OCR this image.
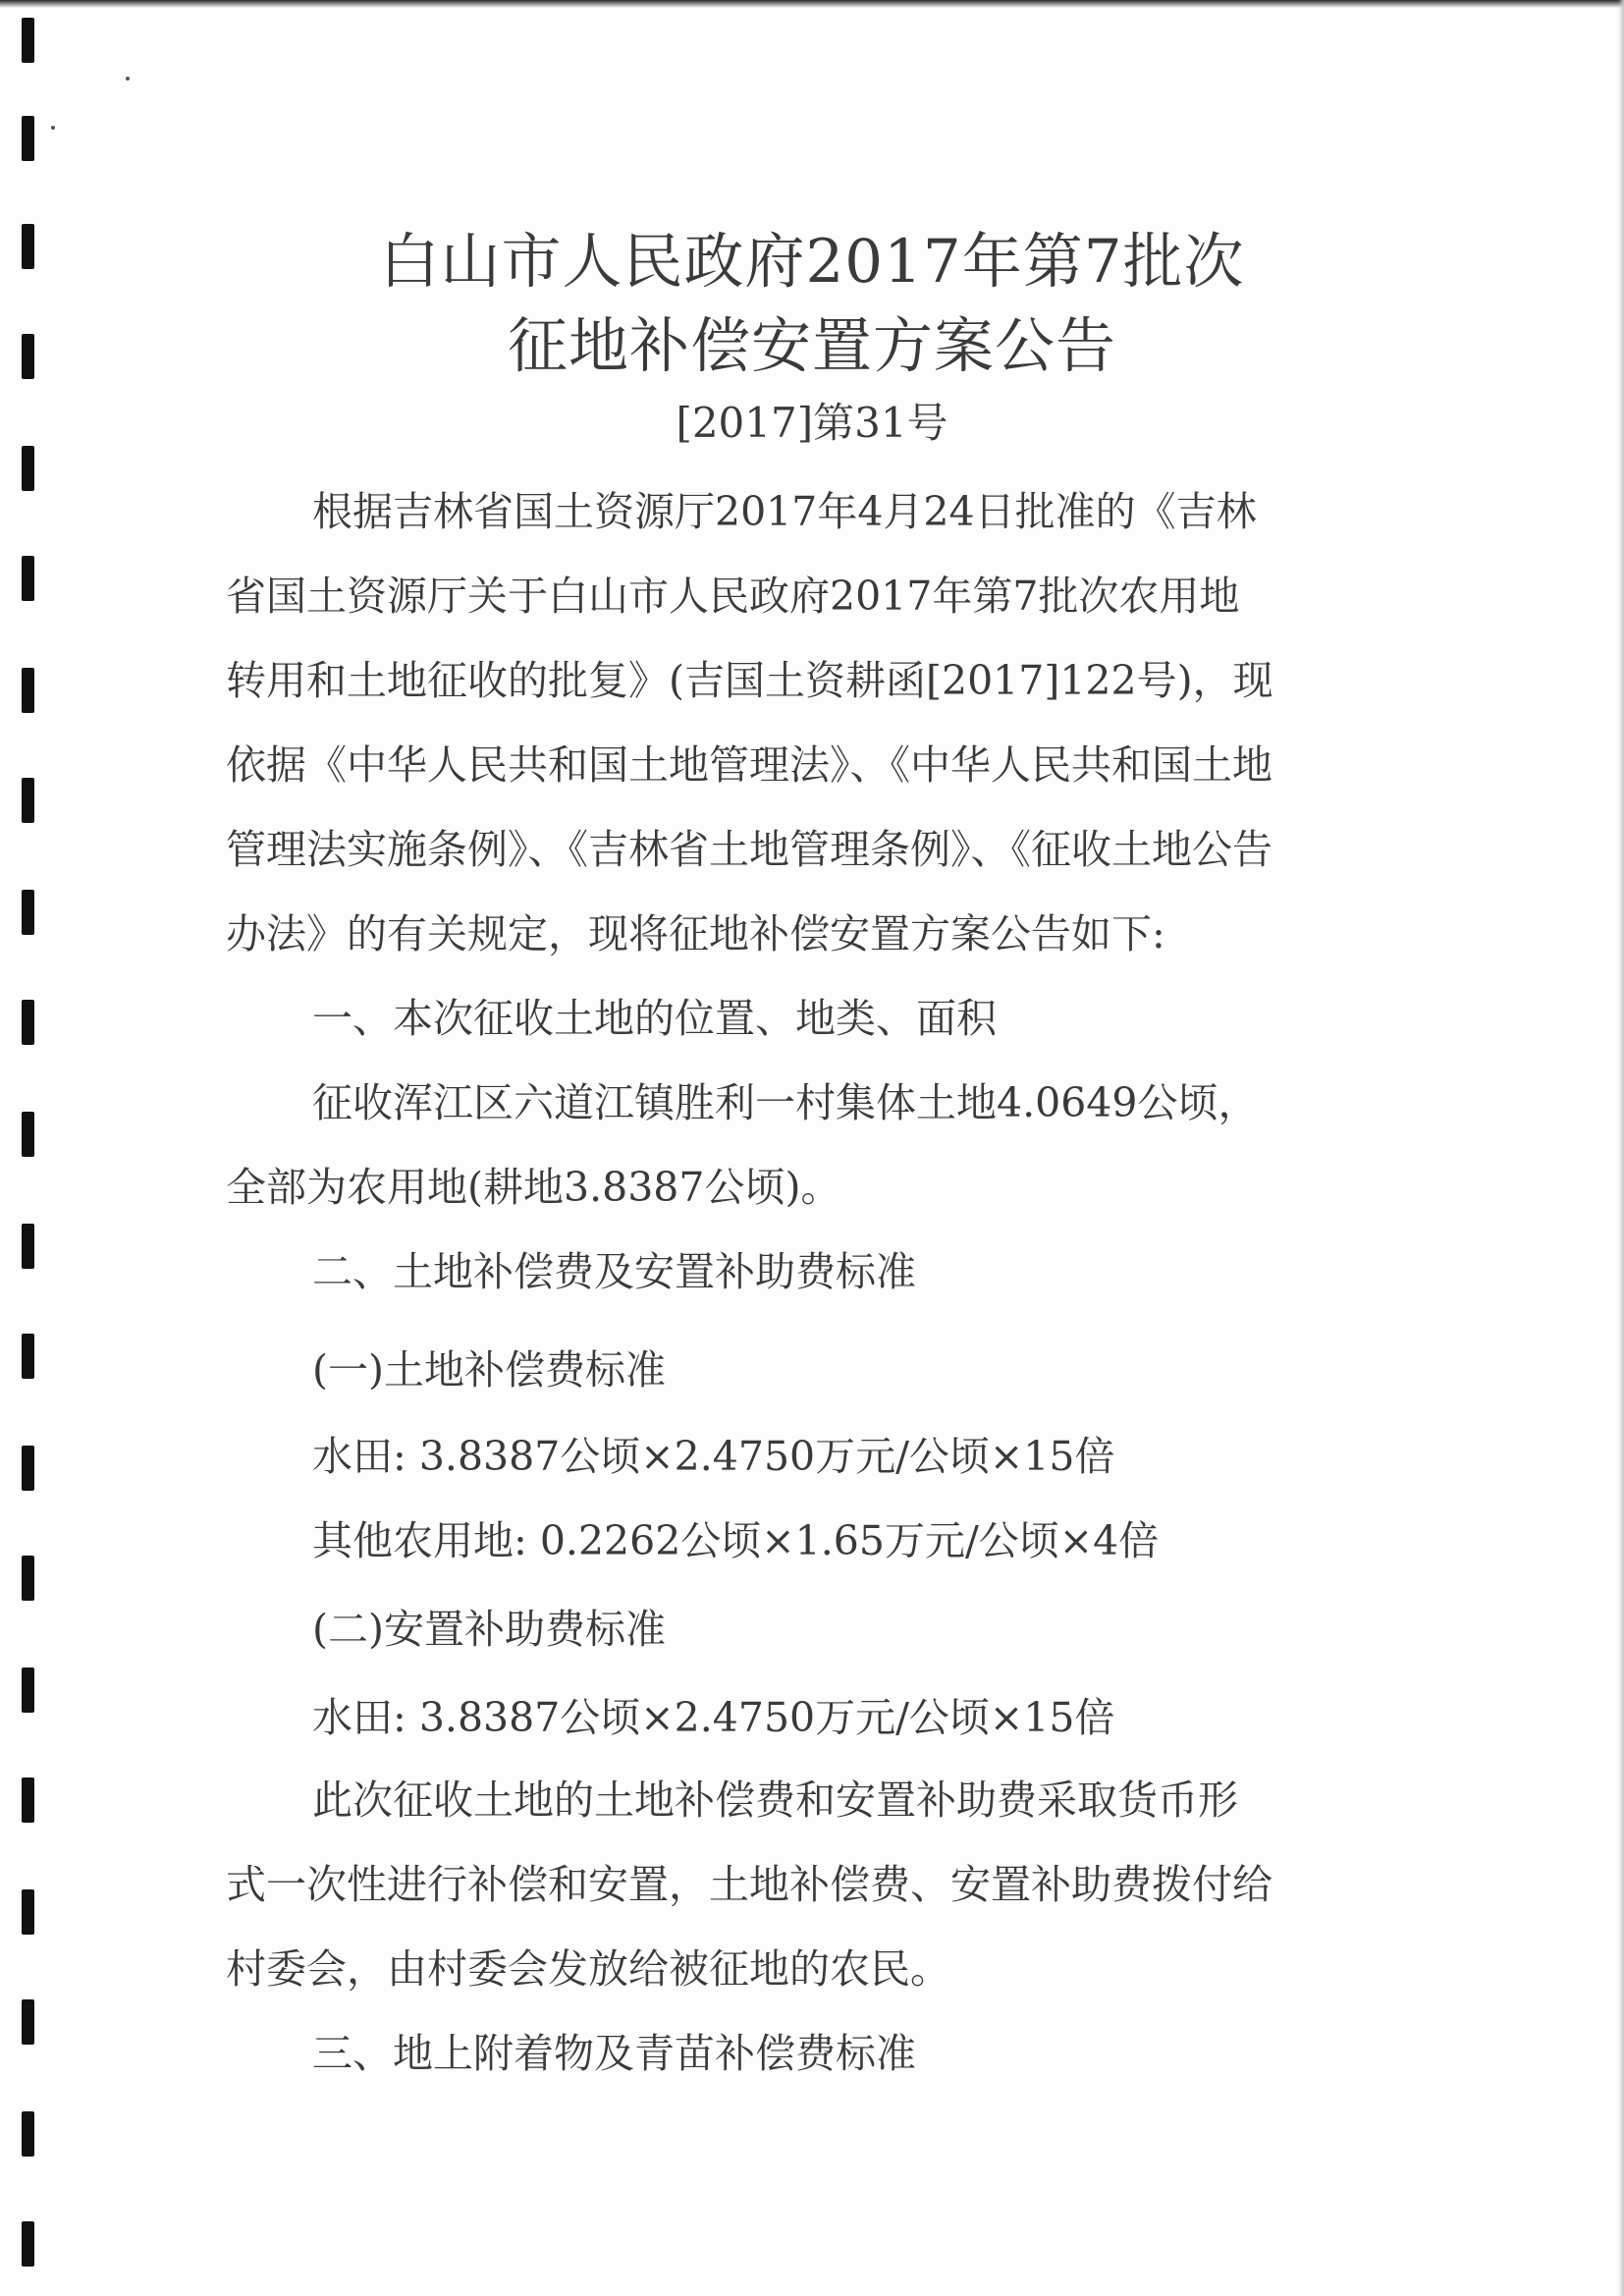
白山市人民政府2017年第7批次
征地补偿安置方案公告
[2017]第31号
根据吉林省国土资源厅2017年4月24日批准的《吉林
省国土资源厅关于白山市人民政府2017年第7批次农用地
转用和土地征收的批复》(吉国土资耕函[2017]122号)，现
依据《中华人民共和国土地管理法》、《中华人民共和国土地
管理法实施条例》、《吉林省土地管理条例》、《征收土地公告
办法》的有关规定，现将征地补偿安置方案公告如下:
一、本次征收土地的位置、地类、面积
征收浑江区六道江镇胜利一村集体土地4.0649公顷，
全部为农用地(耕地3.8387公顷)。
二、土地补偿费及安置补助费标准
(一)土地补偿费标准
水田: 3.8387公顷×2.4750万元/公顷×15倍
其他农用地: 0.2262公顷×1.65万元/公顷×4倍
(二)安置补助费标准
水田: 3.8387公顷×2.4750万元/公顷×15倍
此次征收土地的土地补偿费和安置补助费采取货币形
式一次性进行补偿和安置，土地补偿费、安置补助费拨付给
村委会，由村委会发放给被征地的农民。
三、地上附着物及青苗补偿费标准
